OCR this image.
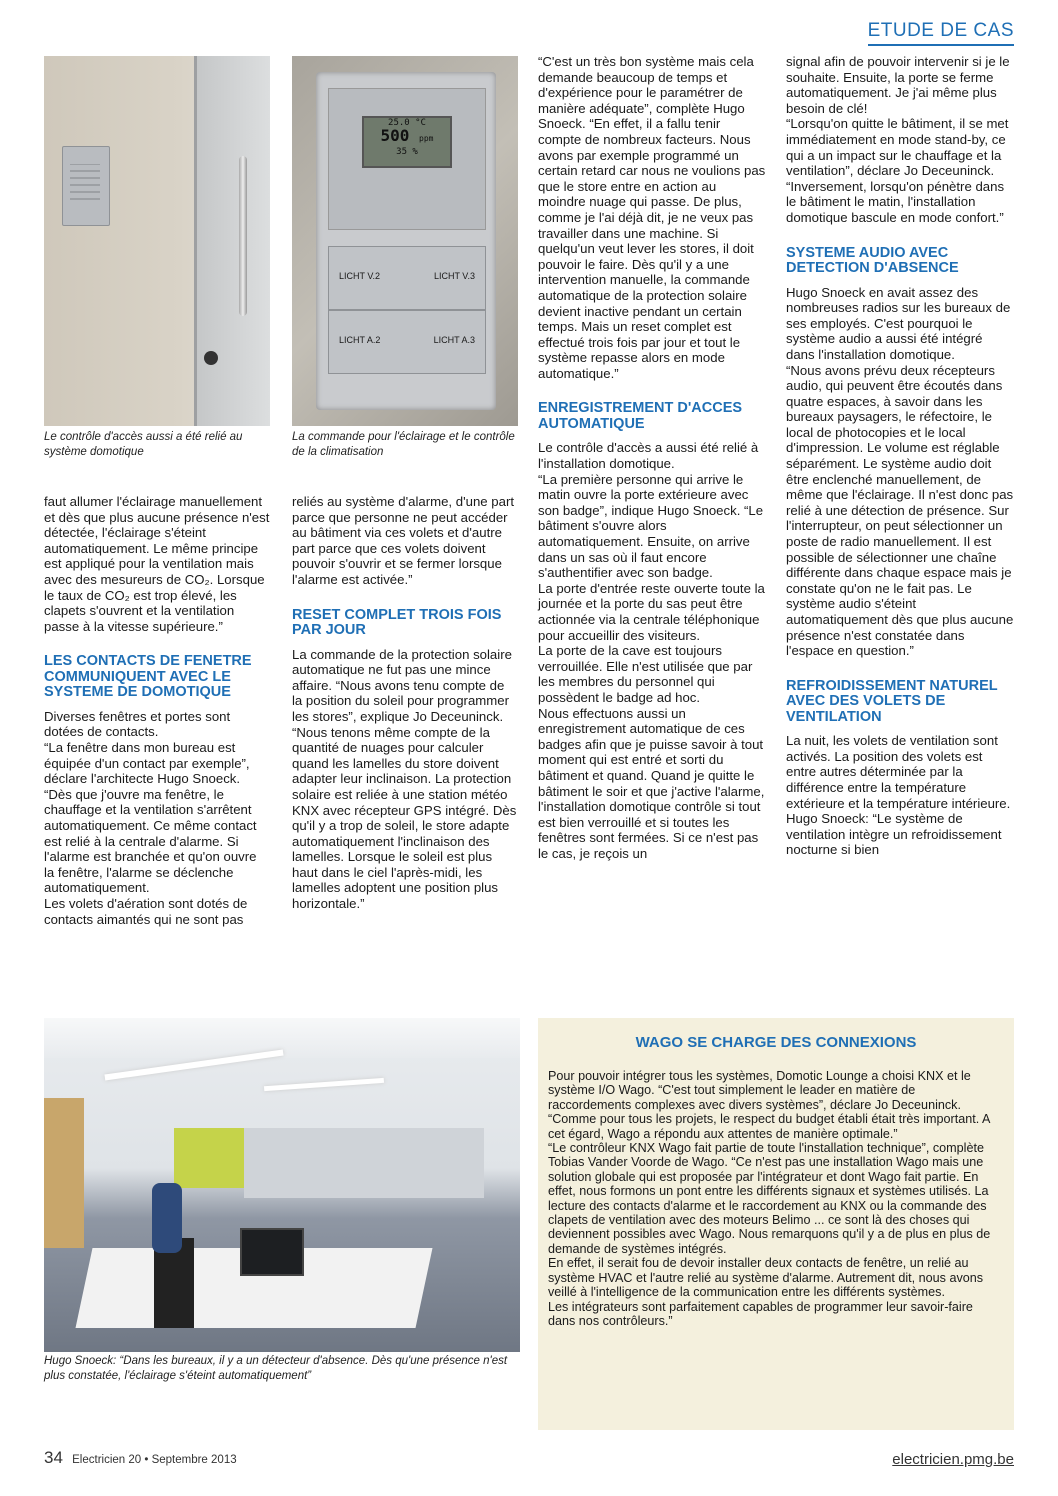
ETUDE DE CAS
Le contrôle d'accès aussi a été relié au système domotique
25.0 °C
500 ppm
35 %
LICHT V.2	LICHT V.3
LICHT A.2	LICHT A.3
La commande pour l'éclairage et le contrôle de la climatisation

faut allumer l'éclairage manuellement et dès que plus aucune présence n'est détectée, l'éclairage s'éteint automatiquement. Le même principe est appliqué pour la ventilation mais avec des mesureurs de CO₂. Lorsque le taux de CO₂ est trop élevé, les clapets s'ouvrent et la ventilation passe à la vitesse supérieure.”

LES CONTACTS DE FENETRE COMMUNIQUENT AVEC LE SYSTEME DE DOMOTIQUE

Diverses fenêtres et portes sont dotées de contacts.

“La fenêtre dans mon bureau est équipée d'un contact par exemple”, déclare l'architecte Hugo Snoeck. “Dès que j'ouvre ma fenêtre, le chauffage et la ventilation s'arrêtent automatiquement. Ce même contact est relié à la centrale d'alarme. Si l'alarme est branchée et qu'on ouvre la fenêtre, l'alarme se déclenche automatiquement.

Les volets d'aération sont dotés de contacts aimantés qui ne sont pas

reliés au système d'alarme, d'une part parce que personne ne peut accéder au bâtiment via ces volets et d'autre part parce que ces volets doivent pouvoir s'ouvrir et se fermer lorsque l'alarme est activée.”

RESET COMPLET TROIS FOIS PAR JOUR

La commande de la protection solaire automatique ne fut pas une mince affaire. “Nous avons tenu compte de la position du soleil pour programmer les stores”, explique Jo Deceuninck.

“Nous tenons même compte de la quantité de nuages pour calculer quand les lamelles du store doivent adapter leur inclinaison. La protection solaire est reliée à une station météo KNX avec récepteur GPS intégré. Dès qu'il y a trop de soleil, le store adapte automatiquement l'inclinaison des lamelles. Lorsque le soleil est plus haut dans le ciel l'après-midi, les lamelles adoptent une position plus horizontale.”

“C'est un très bon système mais cela demande beaucoup de temps et d'expérience pour le paramétrer de manière adéquate”, complète Hugo Snoeck. “En effet, il a fallu tenir compte de nombreux facteurs. Nous avons par exemple programmé un certain retard car nous ne voulions pas que le store entre en action au moindre nuage qui passe. De plus, comme je l'ai déjà dit, je ne veux pas travailler dans une machine. Si quelqu'un veut lever les stores, il doit pouvoir le faire. Dès qu'il y a une intervention manuelle, la commande automatique de la protection solaire devient inactive pendant un certain temps. Mais un reset complet est effectué trois fois par jour et tout le système repasse alors en mode automatique.”

ENREGISTREMENT D'ACCES AUTOMATIQUE

Le contrôle d'accès a aussi été relié à l'installation domotique.

“La première personne qui arrive le matin ouvre la porte extérieure avec son badge”, indique Hugo Snoeck. “Le bâtiment s'ouvre alors automatiquement. Ensuite, on arrive dans un sas où il faut encore s'authentifier avec son badge.

La porte d'entrée reste ouverte toute la journée et la porte du sas peut être actionnée via la centrale téléphonique pour accueillir des visiteurs.

La porte de la cave est toujours verrouillée. Elle n'est utilisée que par les membres du personnel qui possèdent le badge ad hoc.

Nous effectuons aussi un enregistrement automatique de ces badges afin que je puisse savoir à tout moment qui est entré et sorti du bâtiment et quand. Quand je quitte le bâtiment le soir et que j'active l'alarme, l'installation domotique contrôle si tout est bien verrouillé et si toutes les fenêtres sont fermées. Si ce n'est pas le cas, je reçois un

signal afin de pouvoir intervenir si je le souhaite. Ensuite, la porte se ferme automatiquement. Je j'ai même plus besoin de clé!

“Lorsqu'on quitte le bâtiment, il se met immédiatement en mode stand-by, ce qui a un impact sur le chauffage et la ventilation”, déclare Jo Deceuninck. “Inversement, lorsqu'on pénètre dans le bâtiment le matin, l'installation domotique bascule en mode confort.”

SYSTEME AUDIO AVEC DETECTION D'ABSENCE

Hugo Snoeck en avait assez des nombreuses radios sur les bureaux de ses employés. C'est pourquoi le système audio a aussi été intégré dans l'installation domotique.

“Nous avons prévu deux récepteurs audio, qui peuvent être écoutés dans quatre espaces, à savoir dans les bureaux paysagers, le réfectoire, le local de photocopies et le local d'impression. Le volume est réglable séparément. Le système audio doit être enclenché manuellement, de même que l'éclairage. Il n'est donc pas relié à une détection de présence. Sur l'interrupteur, on peut sélectionner un poste de radio manuellement. Il est possible de sélectionner une chaîne différente dans chaque espace mais je constate qu'on ne le fait pas. Le système audio s'éteint automatiquement dès que plus aucune présence n'est constatée dans l'espace en question.”

REFROIDISSEMENT NATUREL AVEC DES VOLETS DE VENTILATION

La nuit, les volets de ventilation sont activés. La position des volets est entre autres déterminée par la différence entre la température extérieure et la température intérieure. Hugo Snoeck: “Le système de ventilation intègre un refroidissement nocturne si bien

Hugo Snoeck: “Dans les bureaux, il y a un détecteur d'absence. Dès qu'une présence n'est plus constatée, l'éclairage s'éteint automatiquement”
WAGO SE CHARGE DES CONNEXIONS

Pour pouvoir intégrer tous les systèmes, Domotic Lounge a choisi KNX et le système I/O Wago. “C'est tout simplement le leader en matière de raccordements complexes avec divers systèmes”, déclare Jo Deceuninck. “Comme pour tous les projets, le respect du budget établi était très important. A cet égard, Wago a répondu aux attentes de manière optimale.”

“Le contrôleur KNX Wago fait partie de toute l'installation technique”, complète Tobias Vander Voorde de Wago. “Ce n'est pas une installation Wago mais une solution globale qui est proposée par l'intégrateur et dont Wago fait partie. En effet, nous formons un pont entre les différents signaux et systèmes utilisés. La lecture des contacts d'alarme et le raccordement au KNX ou la commande des clapets de ventilation avec des moteurs Belimo ... ce sont là des choses qui deviennent possibles avec Wago. Nous remarquons qu'il y a de plus en plus de demande de systèmes intégrés.

En effet, il serait fou de devoir installer deux contacts de fenêtre, un relié au système HVAC et l'autre relié au système d'alarme. Autrement dit, nous avons veillé à l'intelligence de la communication entre les différents systèmes.

Les intégrateurs sont parfaitement capables de programmer leur savoir-faire dans nos contrôleurs.”

34 Electricien 20 • Septembre 2013	electricien.pmg.be
